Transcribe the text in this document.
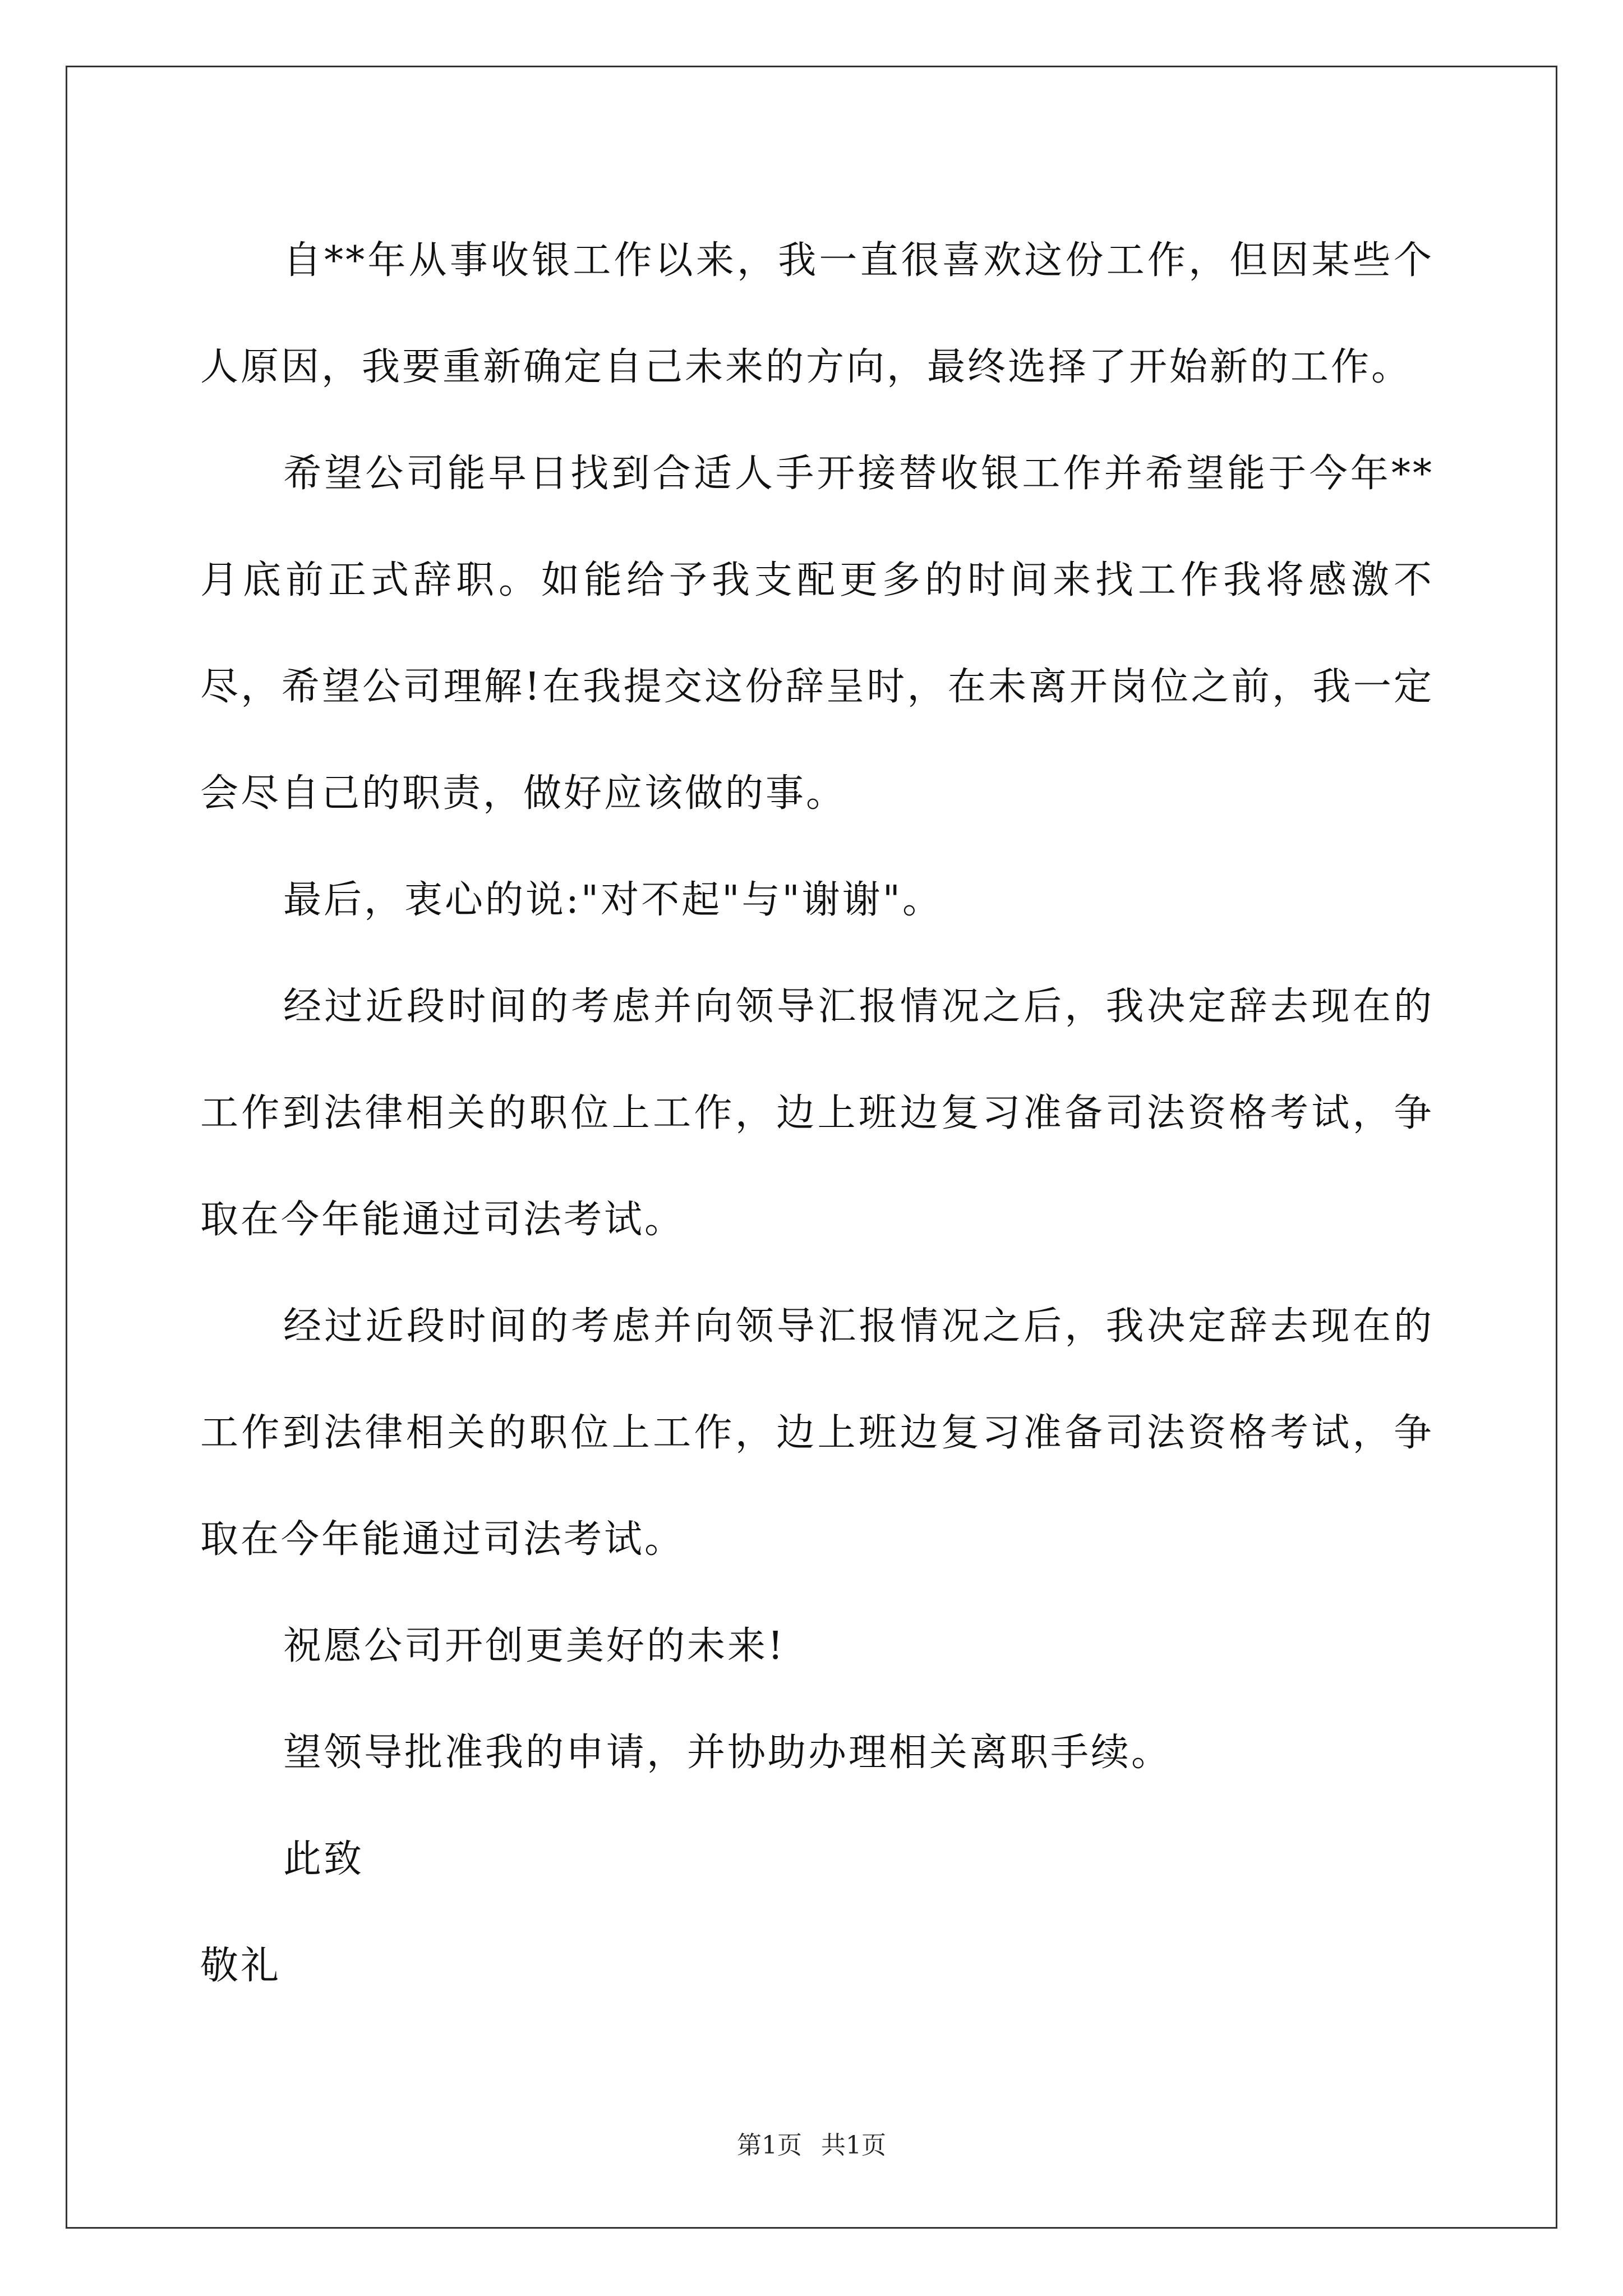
自**年从事收银工作以来，我一直很喜欢这份工作，但因某些个人原因，我要重新确定自己未来的方向，最终选择了开始新的工作。

希望公司能早日找到合适人手开接替收银工作并希望能于今年**月底前正式辞职。如能给予我支配更多的时间来找工作我将感激不尽，希望公司理解!在我提交这份辞呈时，在未离开岗位之前，我一定会尽自己的职责，做好应该做的事。

最后，衷心的说:"对不起"与"谢谢"。

经过近段时间的考虑并向领导汇报情况之后，我决定辞去现在的工作到法律相关的职位上工作，边上班边复习准备司法资格考试，争取在今年能通过司法考试。

经过近段时间的考虑并向领导汇报情况之后，我决定辞去现在的工作到法律相关的职位上工作，边上班边复习准备司法资格考试，争取在今年能通过司法考试。

祝愿公司开创更美好的未来!

望领导批准我的申请，并协助办理相关离职手续。

此致

敬礼

第1页 共1页
